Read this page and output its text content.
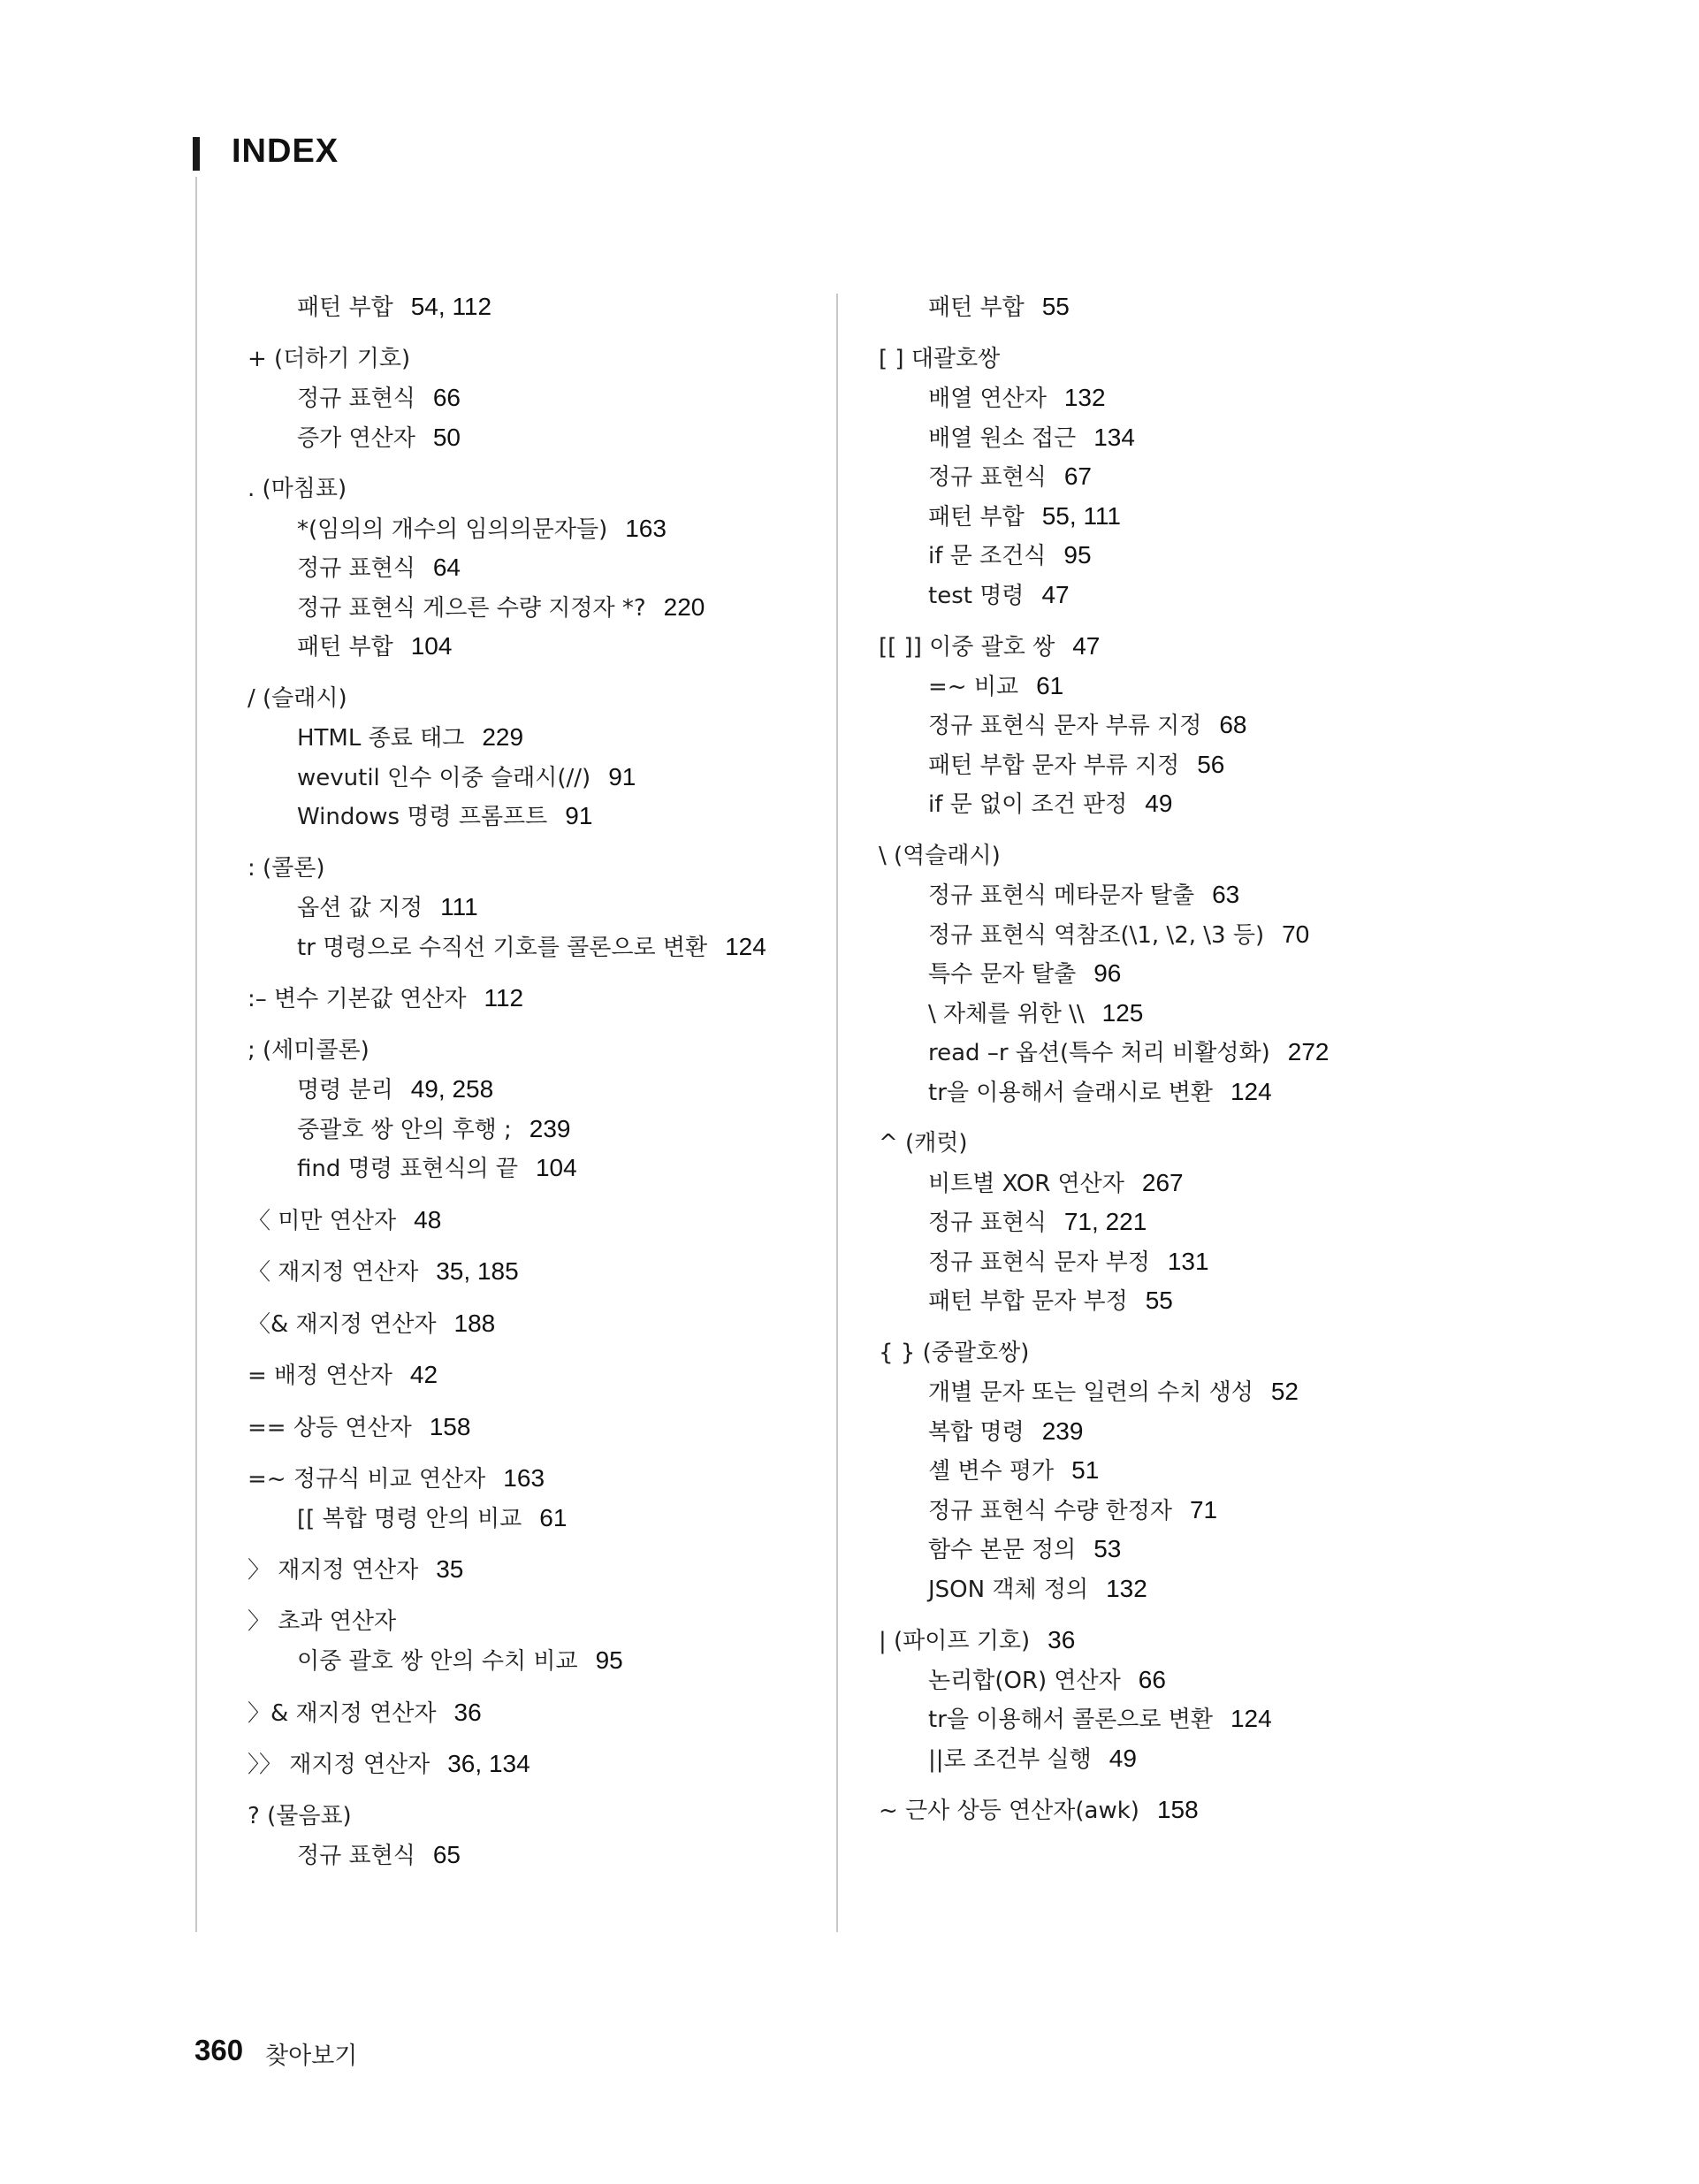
INDEX
패턴 부합 54, 112
+ (더하기 기호)
정규 표현식 66
증가 연산자 50
. (마침표)
*(임의의 개수의 임의의문자들) 163
정규 표현식 64
정규 표현식 게으른 수량 지정자 *? 220
패턴 부합 104
/ (슬래시)
HTML 종료 태그 229
wevutil 인수 이중 슬래시(//) 91
Windows 명령 프롬프트 91
: (콜론)
옵션 값 지정 111
tr 명령으로 수직선 기호를 콜론으로 변환 124
:– 변수 기본값 연산자 112
; (세미콜론)
명령 분리 49, 258
중괄호 쌍 안의 후행 ; 239
find 명령 표현식의 끝 104
〈 미만 연산자 48
〈 재지정 연산자 35, 185
〈& 재지정 연산자 188
= 배정 연산자 42
== 상등 연산자 158
=~ 정규식 비교 연산자 163
[[ 복합 명령 안의 비교 61
〉 재지정 연산자 35
〉 초과 연산자
이중 괄호 쌍 안의 수치 비교 95
〉& 재지정 연산자 36
〉〉 재지정 연산자 36, 134
? (물음표)
정규 표현식 65
패턴 부합 55
[ ] 대괄호쌍
배열 연산자 132
배열 원소 접근 134
정규 표현식 67
패턴 부합 55, 111
if 문 조건식 95
test 명령 47
[[ ]] 이중 괄호 쌍 47
=~ 비교 61
정규 표현식 문자 부류 지정 68
패턴 부합 문자 부류 지정 56
if 문 없이 조건 판정 49
\ (역슬래시)
정규 표현식 메타문자 탈출 63
정규 표현식 역참조(\1, \2, \3 등) 70
특수 문자 탈출 96
\ 자체를 위한 \\ 125
read –r 옵션(특수 처리 비활성화) 272
tr을 이용해서 슬래시로 변환 124
^ (캐럿)
비트별 XOR 연산자 267
정규 표현식 71, 221
정규 표현식 문자 부정 131
패턴 부합 문자 부정 55
{ } (중괄호쌍)
개별 문자 또는 일련의 수치 생성 52
복합 명령 239
셸 변수 평가 51
정규 표현식 수량 한정자 71
함수 본문 정의 53
JSON 객체 정의 132
| (파이프 기호) 36
논리합(OR) 연산자 66
tr을 이용해서 콜론으로 변환 124
||로 조건부 실행 49
~ 근사 상등 연산자(awk) 158
360 찾아보기
